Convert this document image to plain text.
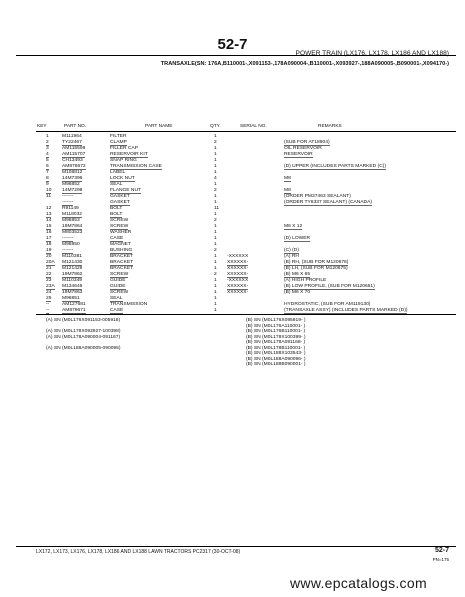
52-7
POWER TRAIN (LX176, LX178, LX186 AND LX188)
TRANSAXLE(SN: 176A,B110001-,X091153-,178A090004-,B110001-,X093927-,188A090005-,B090001-,X094170-)
KEY	PART NO.	PART NAME	QTY.	SERIAL NO.	REMARKS
1	M111964	FILTER	1
2	TY22467	CLAMP	2	(SUB FOR AT18904)
3	AM115599	FILLER CAP	1	OIL RESERVOIR
4	AM115707	RESERVOIR KIT	1	RESERVOIR
5	CH13493	SNAP RING	1
6	AM878672	TRANSMISSION CASE	1	(D) UPPER (INCLUDES PARTS MARKED (C))
7	M108812	LABEL	1
8	14M7396	LOCK NUT	4	M8
9	M96852	SEAL	1
10 14M7298	FLANGE NUT	2	M8
11 -------	GASKET	1	(ORDER PM37463 SEALANT)
-------	GASKET	1	(ORDER TY6337 SEALANT) (CANADA)
12 R91149	BOLT	11
13 M118032	BOLT	1
14 M96853	SCREW	2
15 19M7864	SCREW	1	M6 X 12
16 M803523	WASHER	1
17 -------	CASE	1	(D) LOWER
18 M96850	MAGNET	1
19 -------	BUSHING	2	(C) (D)
20 M110381	BRACKET	1 -XXXXXX	(A) RH
20A M121430	BRACKET	1 XXXXXX-	(B) RH, (SUB FOR M120676)
21 M121429	BRACKET	1 XXXXXX-	(B) LH, (SUB FOR M120675)
22 19M7862	SCREW	2 XXXXXX-	(B) M6 X 65
23 M110349	GUIDE	1 -XXXXXX	(A) HIGH PROFILE
23A M134645	GUIDE	1 XXXXXX-	(B) LOW PROFILE, (SUB FOR M120651)
24 19M7863	SCREW	1 XXXXXX-	(B) M6 X 70
25 M96851	SEAL	1
--	AM127681	TRANSMISSION	1	HYDROSTATIC, (SUB FOR AM119130)
--	AM879671	CASE	1	(TRANSAXLE ASSY) (INCLUDES PARTS MARKED (D))
(A) SN (M0L176X091153-005918)

(A) SN (M0L178X093927-100398)
(A) SN (M0L178A090004-091167)

(A) SN (M0L188A090005-090095)
(B) SN (M0L176X095919- )
(B) SN (M0L176A110001- )
(B) SN (M0L176B110001- )
(B) SN (M0L178X100399- )
(B) SN (M0L178A091168- )
(B) SN (M0L178B110001- )
(B) SN (M0L188X103543- )
(B) SN (M0L188A090096- )
(B) SN (M0L188B090001- )
LX172, LX173, LX176, LX178, LX186 AND LX188 LAWN TRACTORS PC2317 (30-OCT-08)	52-7
PN=175
www.epcatalogs.com
